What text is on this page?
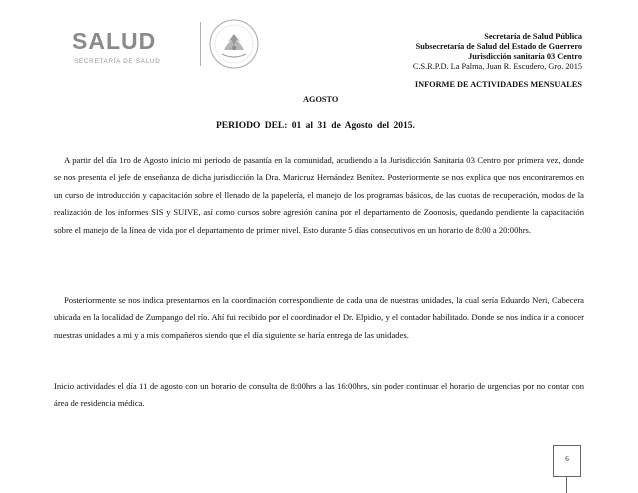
SALUD
SECRETARÍA DE SALUD
Secretaría de Salud Pública
Subsecretaría de Salud del Estado de Guerrero
Jurisdicción sanitaria 03 Centro
C.S.R.P.D. La Palma, Juan R. Escudero, Gro. 2015
INFORME DE ACTIVIDADES MENSUALES
AGOSTO
PERIODO DEL: 01 al 31 de Agosto del 2015.
A partir del día 1ro de Agosto inicio mi periodo de pasantía en la comunidad, acudiendo a la Jurisdicción Sanitaria 03 Centro por primera vez, donde se nos presenta el jefe de enseñanza de dicha jurisdicción la Dra. Maricruz Hernández Benítez. Posteriormente se nos explica que nos encontraremos en un curso de introducción y capacitación sobre el llenado de la papelería, el manejo de los programas básicos, de las cuotas de recuperación, modos de la realización de los informes SIS y SUIVE, así como cursos sobre agresión canina por el departamento de Zoonosis, quedando pendiente la capacitación sobre el manejo de la línea de vida por el departamento de primer nivel. Esto durante 5 días consecutivos en un horario de 8:00 a 20:00hrs.
Posteriormente se nos indica presentarnos en la coordinación correspondiente de cada una de nuestras unidades, la cual sería Eduardo Neri, Cabecera ubicada en la localidad de Zumpango del río. Ahí fui recibido por el coordinador el Dr. Elpidio, y el contador habilitado. Donde se nos indica ir a conocer nuestras unidades a mi y a mis compañeros siendo que el día siguiente se haría entrega de las unidades.
Inicio actividades el día 11 de agosto con un horario de consulta de 8:00hrs a las 16:00hrs, sin poder continuar el horario de urgencias por no contar con área de residencia médica.
6
